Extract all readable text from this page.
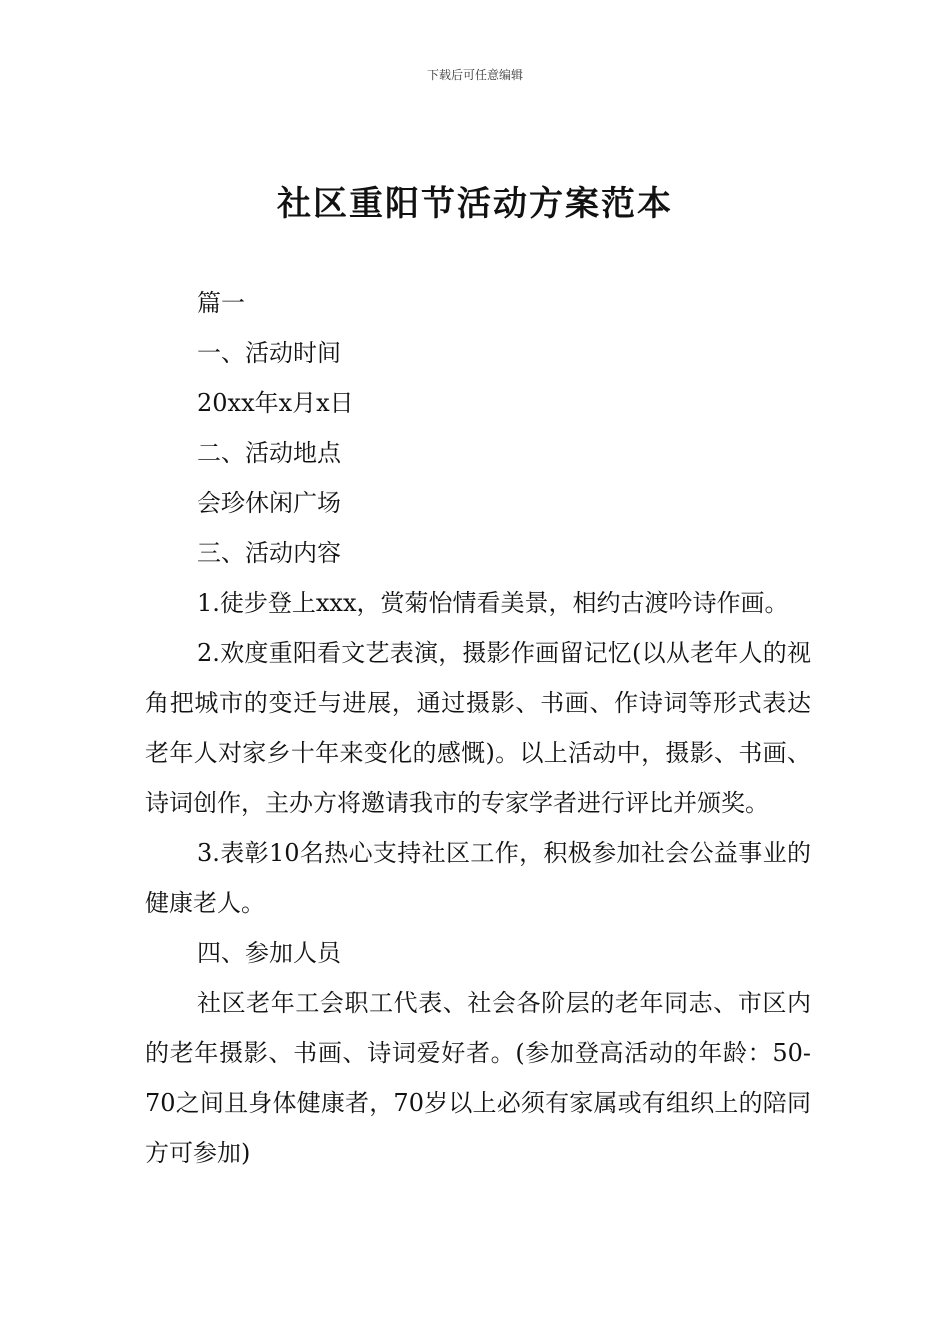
下载后可任意编辑
社区重阳节活动方案范本

篇一

一、活动时间

20xx年x月x日

二、活动地点

会珍休闲广场

三、活动内容

1.徒步登上xxx，赏菊怡情看美景，相约古渡吟诗作画。

2.欢度重阳看文艺表演，摄影作画留记忆(以从老年人的视角把城市的变迁与进展，通过摄影、书画、作诗词等形式表达老年人对家乡十年来变化的感慨)。以上活动中，摄影、书画、诗词创作，主办方将邀请我市的专家学者进行评比并颁奖。

3.表彰10名热心支持社区工作，积极参加社会公益事业的健康老人。

四、参加人员

社区老年工会职工代表、社会各阶层的老年同志、市区内的老年摄影、书画、诗词爱好者。(参加登高活动的年龄：50-70之间且身体健康者，70岁以上必须有家属或有组织上的陪同方可参加)
